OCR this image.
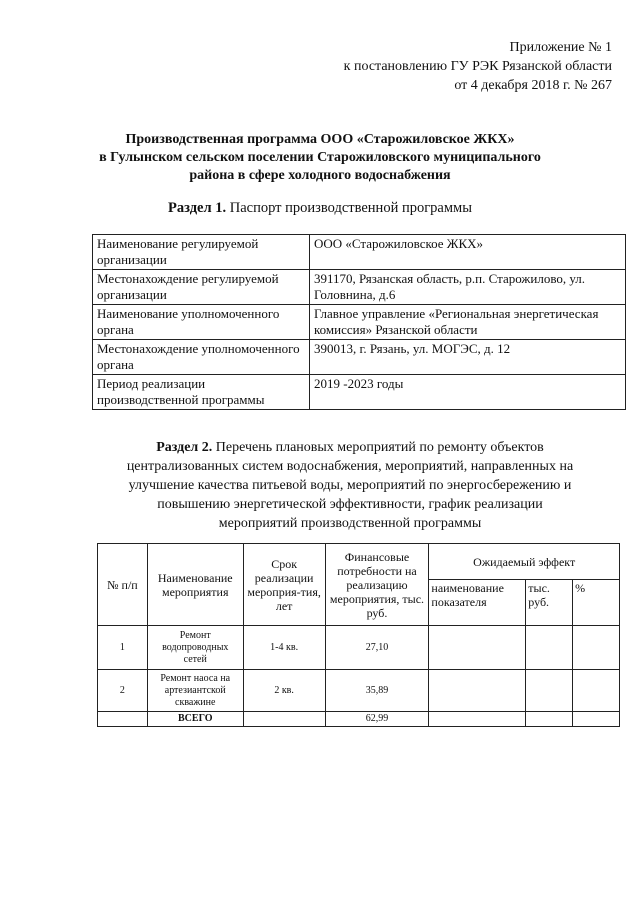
Приложение № 1
к постановлению ГУ РЭК Рязанской области
от 4 декабря 2018 г. № 267
Производственная программа ООО «Старожиловское ЖКХ»
в Гулынском сельском поселении Старожиловского муниципального
района в сфере холодного водоснабжения
Раздел 1. Паспорт производственной программы
Наименование регулируемой организации	ООО «Старожиловское ЖКХ»
Местонахождение регулируемой организации	391170, Рязанская область, р.п. Старожилово, ул. Головнина, д.6
Наименование уполномоченного органа	Главное управление «Региональная энергетическая комиссия» Рязанской области
Местонахождение уполномоченного органа	390013, г. Рязань, ул. МОГЭС, д. 12
Период реализации производственной программы	2019 -2023 годы
Раздел 2. Перечень плановых мероприятий по ремонту объектов
централизованных систем водоснабжения, мероприятий, направленных на
улучшение качества питьевой воды, мероприятий по энергосбережению и
повышению энергетической эффективности, график реализации
мероприятий производственной программы
№ п/п	Наименование мероприятия	Срок реализации мероприя-тия, лет	Финансовые потребности на реализацию мероприятия, тыс. руб.	Ожидаемый эффект		
				наименование показателя	тыс. руб.	%
1	Ремонт водопроводных сетей	1-4 кв.	27,10			
2	Ремонт наоса на артезиантской скважине	2 кв.	35,89			
	ВСЕГО		62,99			
